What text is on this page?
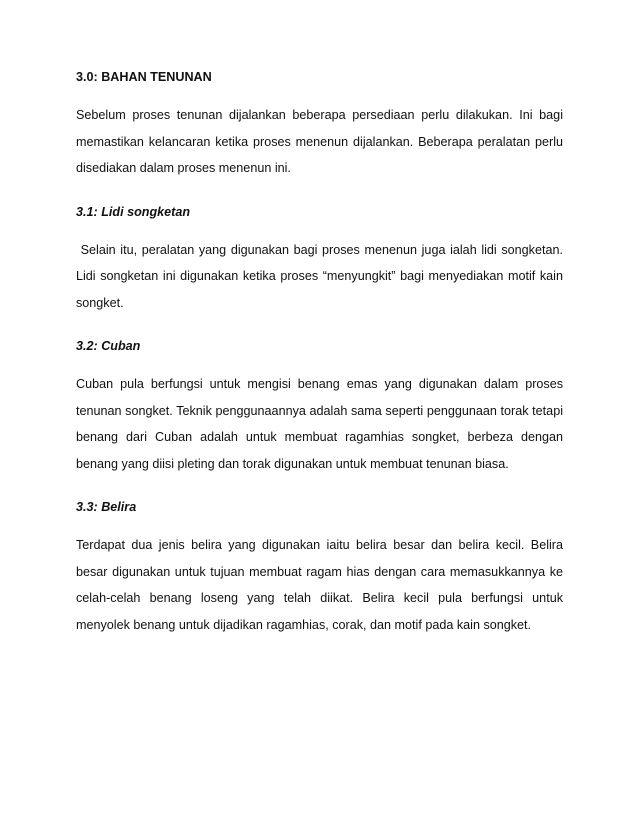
3.0: BAHAN TENUNAN

Sebelum proses tenunan dijalankan beberapa persediaan perlu dilakukan. Ini bagi memastikan kelancaran ketika proses menenun dijalankan. Beberapa peralatan perlu disediakan dalam proses menenun ini.

3.1: Lidi songketan

Selain itu, peralatan yang digunakan bagi proses menenun juga ialah lidi songketan. Lidi songketan ini digunakan ketika proses “menyungkit” bagi menyediakan motif kain songket.

3.2: Cuban

Cuban pula berfungsi untuk mengisi benang emas yang digunakan dalam proses tenunan songket. Teknik penggunaannya adalah sama seperti penggunaan torak tetapi benang dari Cuban adalah untuk membuat ragamhias songket, berbeza dengan benang yang diisi pleting dan torak digunakan untuk membuat tenunan biasa.

3.3: Belira

Terdapat dua jenis belira yang digunakan iaitu belira besar dan belira kecil. Belira besar digunakan untuk tujuan membuat ragam hias dengan cara memasukkannya ke celah-celah benang loseng yang telah diikat. Belira kecil pula berfungsi untuk menyolek benang untuk dijadikan ragamhias, corak, dan motif pada kain songket.
